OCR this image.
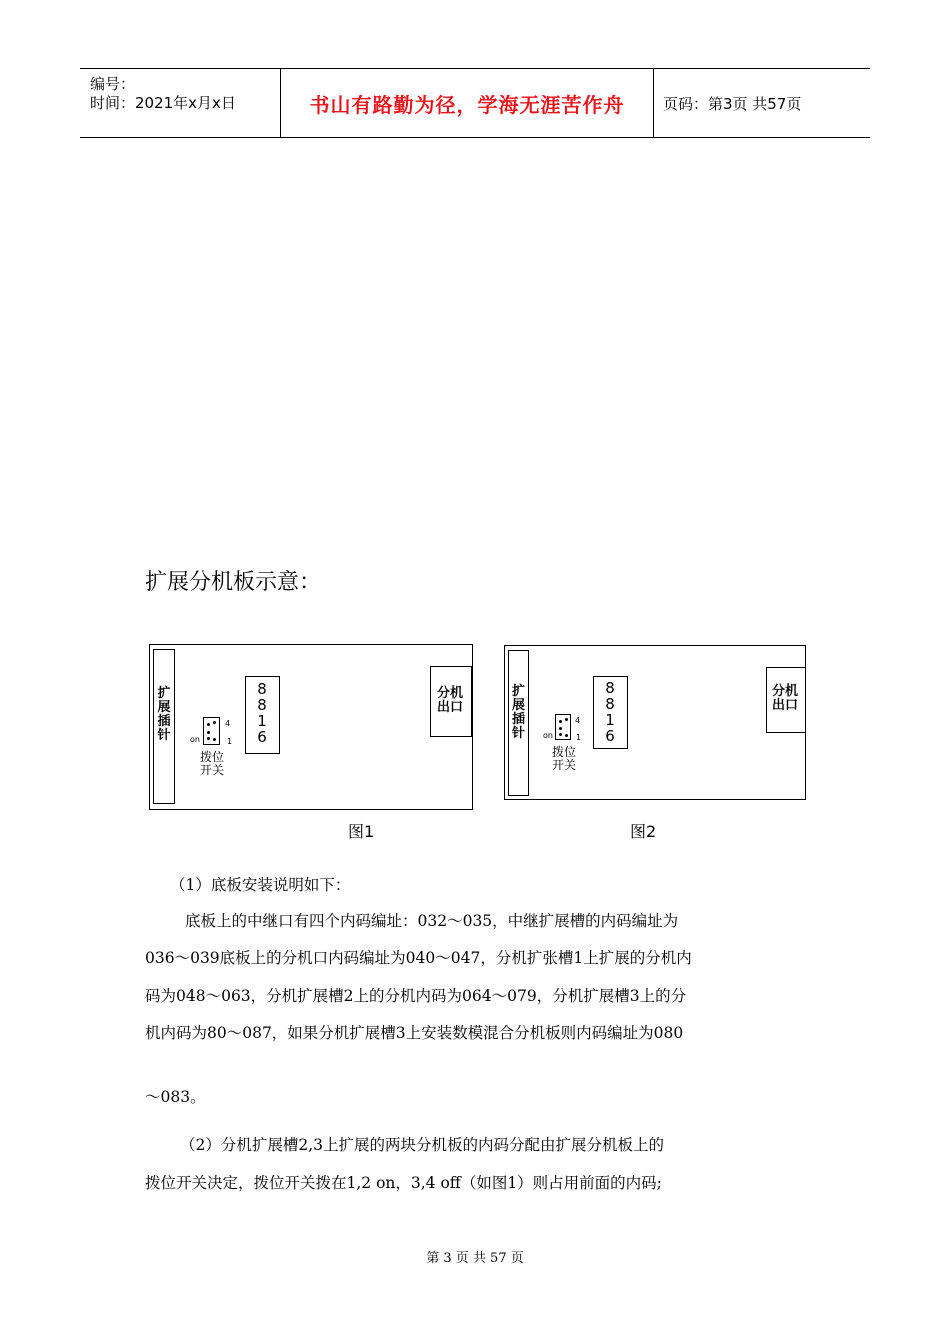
编号：
时间：2021年x月x日	书山有路勤为径，学海无涯苦作舟	页码：第3页 共57页
扩展分机板示意：
扩展插针
8816
on
4
1
拨位开关
分机出口
图1
扩展插针
8816
on
4
1
拨位开关
分机出口
图2
（1）底板安装说明如下：
底板上的中继口有四个内码编址：032～035，中继扩展槽的内码编址为
036～039底板上的分机口内码编址为040～047，分机扩张槽1上扩展的分机内
码为048～063，分机扩展槽2上的分机内码为064～079，分机扩展槽3上的分
机内码为80～087，如果分机扩展槽3上安装数模混合分机板则内码编址为080
～083。
（2）分机扩展槽2,3上扩展的两块分机板的内码分配由扩展分机板上的
拨位开关决定，拨位开关拨在1,2 on，3,4 off（如图1）则占用前面的内码;
第 3 页 共 57 页
